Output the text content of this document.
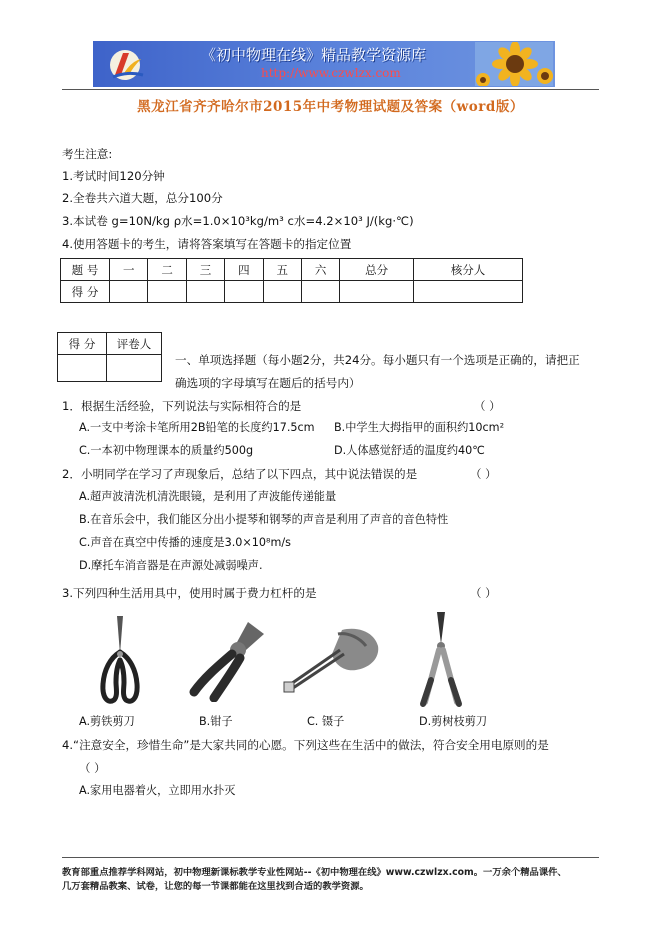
《初中物理在线》精品教学资源库
http://www.czwlzx.com
黑龙江省齐齐哈尔市2015年中考物理试题及答案（word版）
考生注意:
1.考试时间120分钟
2.全卷共六道大题，总分100分
3.本试卷 g=10N/kg ρ水=1.0×10³kg/m³ c水=4.2×10³ J/(kg·℃)
4.使用答题卡的考生，请将答案填写在答题卡的指定位置
题 号	一	二	三	四	五	六	总分	核分人
得 分								
得 分	评卷人

一、单项选择题（每小题2分，共24分。每小题只有一个选项是正确的，请把正
确选项的字母填写在题后的括号内）
1．根据生活经验，下列说法与实际相符合的是	（ ）
A.一支中考涂卡笔所用2B铅笔的长度约17.5cm B.中学生大拇指甲的面积约10cm²
C.一本初中物理课本的质量约500g	D.人体感觉舒适的温度约40℃
2．小明同学在学习了声现象后，总结了以下四点，其中说法错误的是	（ ）
A.超声波清洗机清洗眼镜，是利用了声波能传递能量
B.在音乐会中，我们能区分出小提琴和钢琴的声音是利用了声音的音色特性
C.声音在真空中传播的速度是3.0×10⁸m/s
D.摩托车消音器是在声源处减弱噪声.
3.下列四种生活用具中，使用时属于费力杠杆的是	（ ）
A.剪铁剪刀	B.钳子	C. 镊子	D.剪树枝剪刀
4.“注意安全，珍惜生命”是大家共同的心愿。下列这些在生活中的做法，符合安全用电原则的是
（ ）
A.家用电器着火，立即用水扑灭
教育部重点推荐学科网站，初中物理新课标教学专业性网站--《初中物理在线》www.czwlzx.com。一万余个精品课件、
几万套精品教案、试卷，让您的每一节课都能在这里找到合适的教学资源。
